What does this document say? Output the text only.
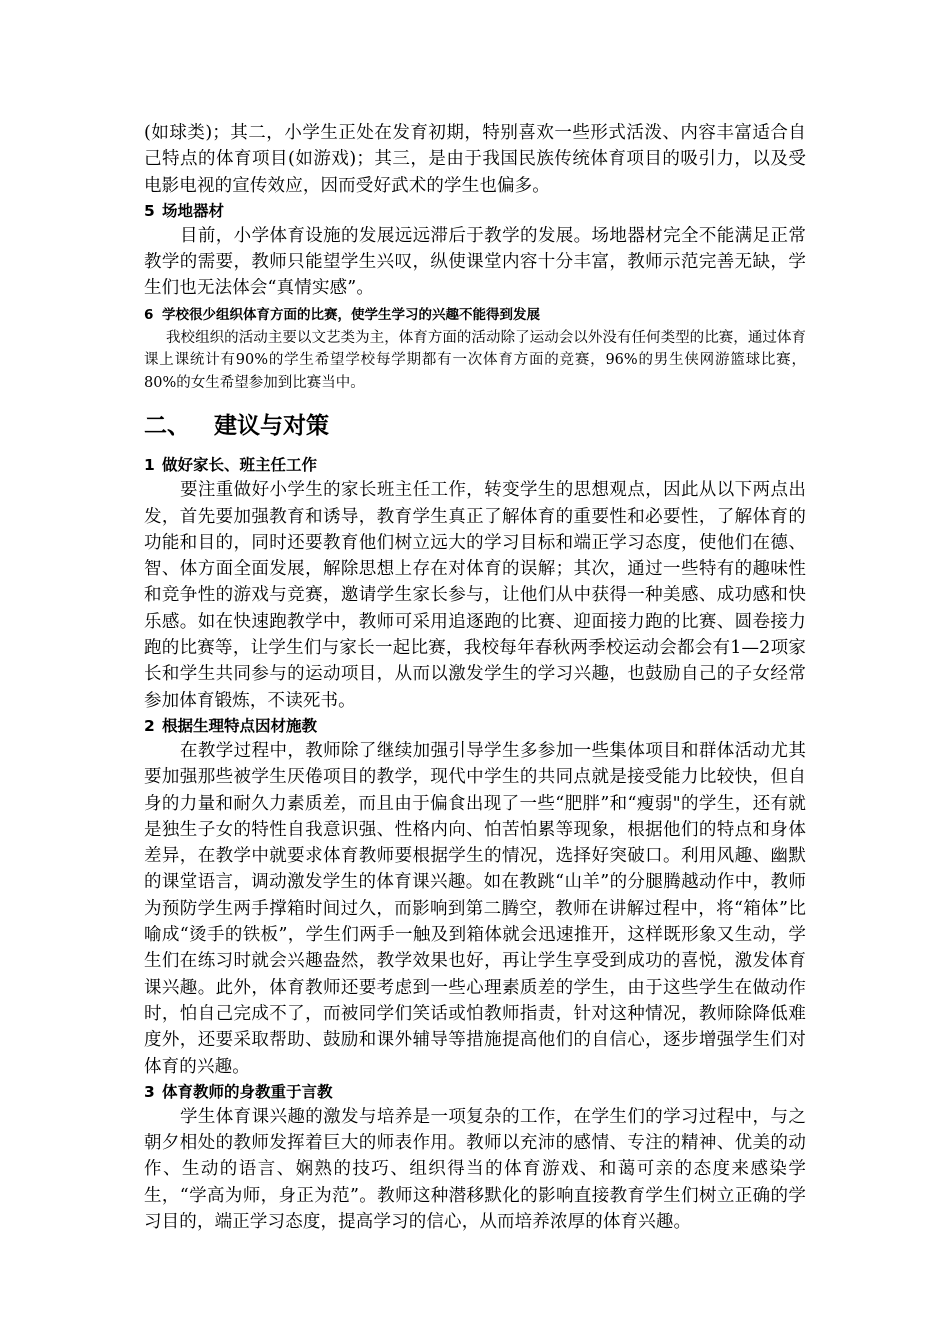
(如球类)；其二，小学生正处在发育初期，特别喜欢一些形式活泼、内容丰富适合自己特点的体育项目(如游戏)；其三，是由于我国民族传统体育项目的吸引力，以及受电影电视的宣传效应，因而受好武术的学生也偏多。

5 场地器材

目前，小学体育设施的发展远远滞后于教学的发展。场地器材完全不能满足正常教学的需要，教师只能望学生兴叹，纵使课堂内容十分丰富，教师示范完善无缺，学生们也无法体会“真情实感”。

6 学校很少组织体育方面的比赛，使学生学习的兴趣不能得到发展

我校组织的活动主要以文艺类为主，体育方面的活动除了运动会以外没有任何类型的比赛，通过体育课上课统计有90%的学生希望学校每学期都有一次体育方面的竞赛，96%的男生侠网游篮球比赛，80%的女生希望参加到比赛当中。

二、 建议与对策
1 做好家长、班主任工作

要注重做好小学生的家长班主任工作，转变学生的思想观点，因此从以下两点出发，首先要加强教育和诱导，教育学生真正了解体育的重要性和必要性，了解体育的功能和目的，同时还要教育他们树立远大的学习目标和端正学习态度，使他们在德、智、体方面全面发展，解除思想上存在对体育的误解；其次，通过一些特有的趣味性和竞争性的游戏与竞赛，邀请学生家长参与，让他们从中获得一种美感、成功感和快乐感。如在快速跑教学中，教师可采用追逐跑的比赛、迎面接力跑的比赛、圆卷接力跑的比赛等，让学生们与家长一起比赛，我校每年春秋两季校运动会都会有1—2项家长和学生共同参与的运动项目，从而以激发学生的学习兴趣，也鼓励自己的子女经常参加体育锻炼，不读死书。

2 根据生理特点因材施教

在教学过程中，教师除了继续加强引导学生多参加一些集体项目和群体活动尤其要加强那些被学生厌倦项目的教学，现代中学生的共同点就是接受能力比较快，但自身的力量和耐久力素质差，而且由于偏食出现了一些“肥胖”和“瘦弱"的学生，还有就是独生子女的特性自我意识强、性格内向、怕苦怕累等现象，根据他们的特点和身体差异，在教学中就要求体育教师要根据学生的情况，选择好突破口。利用风趣、幽默的课堂语言，调动激发学生的体育课兴趣。如在教跳“山羊”的分腿腾越动作中，教师为预防学生两手撑箱时间过久，而影响到第二腾空，教师在讲解过程中，将“箱体”比喻成“烫手的铁板”，学生们两手一触及到箱体就会迅速推开，这样既形象又生动，学生们在练习时就会兴趣盎然，教学效果也好，再让学生享受到成功的喜悦，激发体育课兴趣。此外，体育教师还要考虑到一些心理素质差的学生，由于这些学生在做动作时，怕自己完成不了，而被同学们笑话或怕教师指责，针对这种情况，教师除降低难度外，还要采取帮助、鼓励和课外辅导等措施提高他们的自信心，逐步增强学生们对体育的兴趣。

3 体育教师的身教重于言教

学生体育课兴趣的激发与培养是一项复杂的工作，在学生们的学习过程中，与之朝夕相处的教师发挥着巨大的师表作用。教师以充沛的感情、专注的精神、优美的动作、生动的语言、娴熟的技巧、组织得当的体育游戏、和蔼可亲的态度来感染学生，“学高为师，身正为范”。教师这种潜移默化的影响直接教育学生们树立正确的学习目的，端正学习态度，提高学习的信心，从而培养浓厚的体育兴趣。
